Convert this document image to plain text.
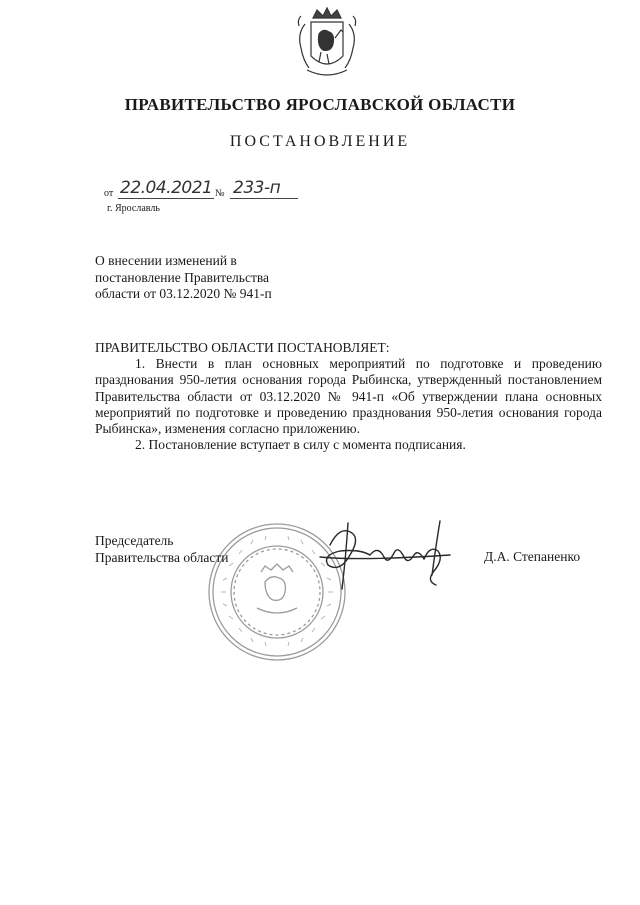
ПРАВИТЕЛЬСТВО ЯРОСЛАВСКОЙ ОБЛАСТИ
ПОСТАНОВЛЕНИЕ
от 22.04.2021 № 233-п
г. Ярославль
О внесении изменений в
постановление Правительства
области от 03.12.2020 № 941-п
ПРАВИТЕЛЬСТВО ОБЛАСТИ ПОСТАНОВЛЯЕТ:

1. Внести в план основных мероприятий по подготовке и проведению празднования 950-летия основания города Рыбинска, утвержденный постановлением Правительства области от 03.12.2020 № 941-п «Об утверждении плана основных мероприятий по подготовке и проведению празднования 950-летия основания города Рыбинска», изменения согласно приложению.

2. Постановление вступает в силу с момента подписания.

Председатель
Правительства области	Д.А. Степаненко
